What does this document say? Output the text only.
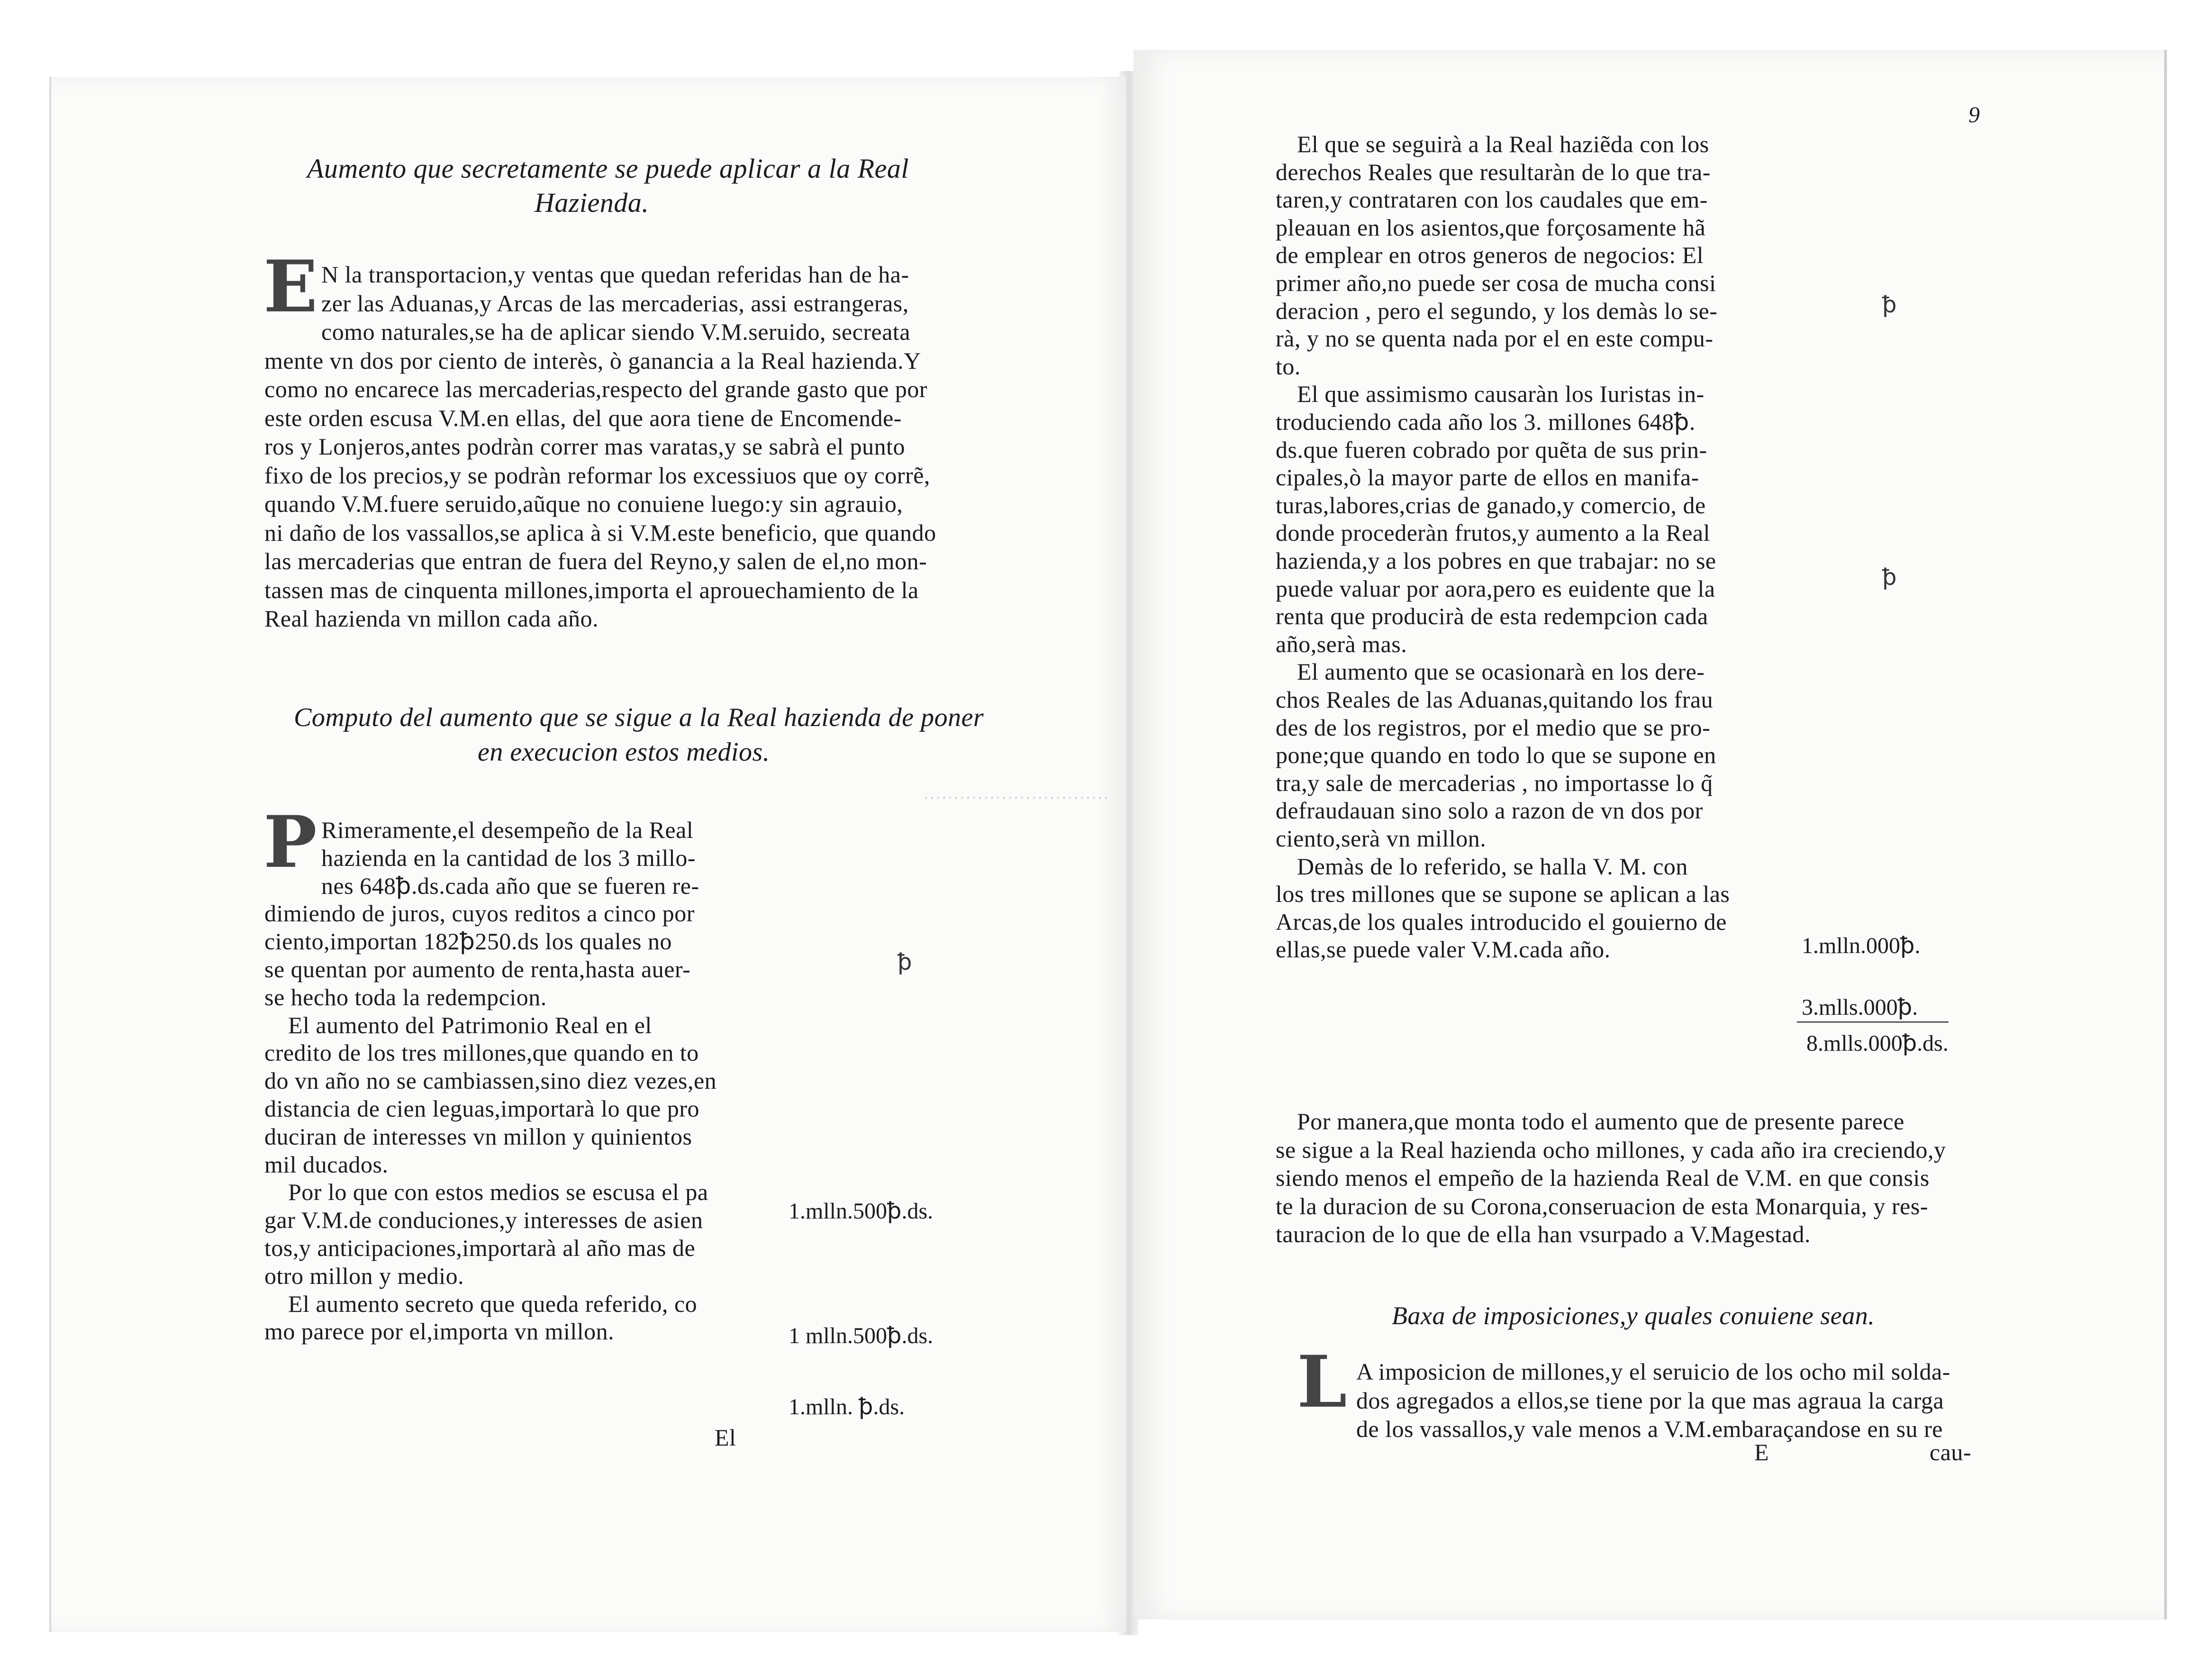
Aumento que secretamente se puede aplicar a la Real
Hazienda.
E
Computo del aumento que se sigue a la Real hazienda de poner
en execucion estos medios.
P
ꝥ
1.mlln.500ꝥ.ds.
1 mlln.500ꝥ.ds.
1.mlln. ꝥ.ds.
El
·······························
N la transportacion,y ventas que quedan referidas han de ha-
zer las Aduanas,y Arcas de las mercaderias, assi estrangeras,
como naturales,se ha de aplicar siendo V.M.seruido, secreata
mente vn dos por ciento de interès, ò ganancia a la Real hazienda.Y
como no encarece las mercaderias,respecto del grande gasto que por
este orden escusa V.M.en ellas, del que aora tiene de Encomende-
ros y Lonjeros,antes podràn correr mas varatas,y se sabrà el punto
fixo de los precios,y se podràn reformar los excessiuos que oy corrẽ,
quando V.M.fuere seruido,aũque no conuiene luego:y sin agrauio,
ni daño de los vassallos,se aplica à si V.M.este beneficio, que quando
las mercaderias que entran de fuera del Reyno,y salen de el,no mon-
tassen mas de cinquenta millones,importa el aprouechamiento de la
Real hazienda vn millon cada año.
Rimeramente,el desempeño de la Real
hazienda en la cantidad de los 3 millo-
nes 648ꝥ.ds.cada año que se fueren re-
dimiendo de juros, cuyos reditos a cinco por
ciento,importan 182ꝥ250.ds los quales no
se quentan por aumento de renta,hasta auer-
se hecho toda la redempcion.
El aumento del Patrimonio Real en el
credito de los tres millones,que quando en to
do vn año no se cambiassen,sino diez vezes,en
distancia de cien leguas,importarà lo que pro
duciran de interesses vn millon y quinientos
mil ducados.
Por lo que con estos medios se escusa el pa
gar V.M.de conduciones,y interesses de asien
tos,y anticipaciones,importarà al año mas de
otro millon y medio.
El aumento secreto que queda referido, co
mo parece por el,importa vn millon.
9
ꝥ
ꝥ
1.mlln.000ꝥ.
3.mlls.000ꝥ.
8.mlls.000ꝥ.ds.
Baxa de imposiciones,y quales conuiene sean.
L
E	cau-
El que se seguirà a la Real haziẽda con los
derechos Reales que resultaràn de lo que tra-
taren,y contrataren con los caudales que em-
pleauan en los asientos,que forçosamente hã
de emplear en otros generos de negocios: El
primer año,no puede ser cosa de mucha consi
deracion , pero el segundo, y los demàs lo se-
rà, y no se quenta nada por el en este compu-
to.
El que assimismo causaràn los Iuristas in-
troduciendo cada año los 3. millones 648ꝥ.
ds.que fueren cobrado por quẽta de sus prin-
cipales,ò la mayor parte de ellos en manifa-
turas,labores,crias de ganado,y comercio, de
donde procederàn frutos,y aumento a la Real
hazienda,y a los pobres en que trabajar: no se
puede valuar por aora,pero es euidente que la
renta que producirà de esta redempcion cada
año,serà mas.
El aumento que se ocasionarà en los dere-
chos Reales de las Aduanas,quitando los frau
des de los registros, por el medio que se pro-
pone;que quando en todo lo que se supone en
tra,y sale de mercaderias , no importasse lo q̃
defraudauan sino solo a razon de vn dos por
ciento,serà vn millon.
Demàs de lo referido, se halla V. M. con
los tres millones que se supone se aplican a las
Arcas,de los quales introducido el gouierno de
ellas,se puede valer V.M.cada año.
Por manera,que monta todo el aumento que de presente parece
se sigue a la Real hazienda ocho millones, y cada año ira creciendo,y
siendo menos el empeño de la hazienda Real de V.M. en que consis
te la duracion de su Corona,conseruacion de esta Monarquia, y res-
tauracion de lo que de ella han vsurpado a V.Magestad.
A imposicion de millones,y el seruicio de los ocho mil solda-
dos agregados a ellos,se tiene por la que mas agraua la carga
de los vassallos,y vale menos a V.M.embaraçandose en su re
